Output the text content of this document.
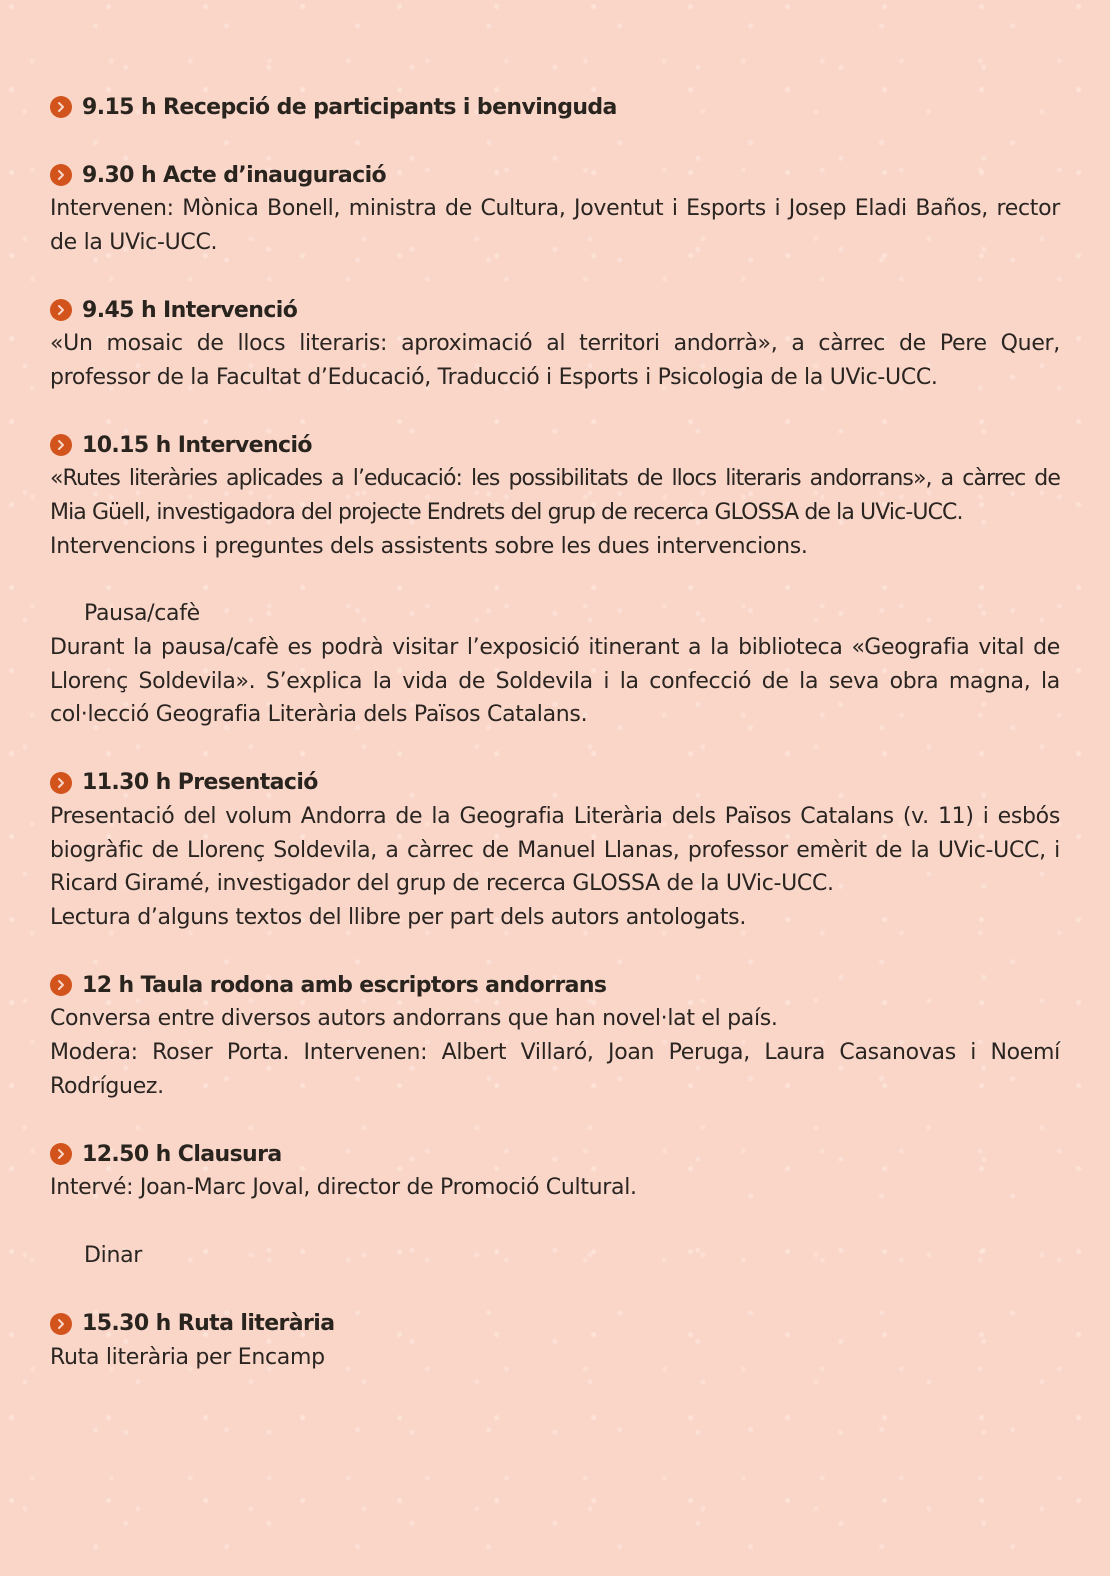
9.15 h Recepció de participants i benvinguda
9.30 h Acte d’inauguració

Intervenen: Mònica Bonell, ministra de Cultura, Joventut i Esports i Josep Eladi Baños, rector de la UVic-UCC.

9.45 h Intervenció

«Un mosaic de llocs literaris: aproximació al territori andorrà», a càrrec de Pere Quer, professor de la Facultat d’Educació, Traducció i Esports i Psicologia de la UVic-UCC.

10.15 h Intervenció

«Rutes literàries aplicades a l’educació: les possibilitats de llocs literaris andorrans», a càrrec de Mia Güell, investigadora del projecte Endrets del grup de recerca GLOSSA de la UVic-UCC.

Intervencions i preguntes dels assistents sobre les dues intervencions.

Pausa/cafè

Durant la pausa/cafè es podrà visitar l’exposició itinerant a la biblioteca «Geografia vital de Llorenç Soldevila». S’explica la vida de Soldevila i la confecció de la seva obra magna, la col·lecció Geografia Literària dels Països Catalans.

11.30 h Presentació

Presentació del volum Andorra de la Geografia Literària dels Països Catalans (v. 11) i esbós biogràfic de Llorenç Soldevila, a càrrec de Manuel Llanas, professor emèrit de la UVic-UCC, i Ricard Giramé, investigador del grup de recerca GLOSSA de la UVic-UCC.

Lectura d’alguns textos del llibre per part dels autors antologats.

12 h Taula rodona amb escriptors andorrans

Conversa entre diversos autors andorrans que han novel·lat el país.

Modera: Roser Porta. Intervenen: Albert Villaró, Joan Peruga, Laura Casanovas i Noemí Rodríguez.

12.50 h Clausura

Intervé: Joan-Marc Joval, director de Promoció Cultural.

Dinar
15.30 h Ruta literària

Ruta literària per Encamp
